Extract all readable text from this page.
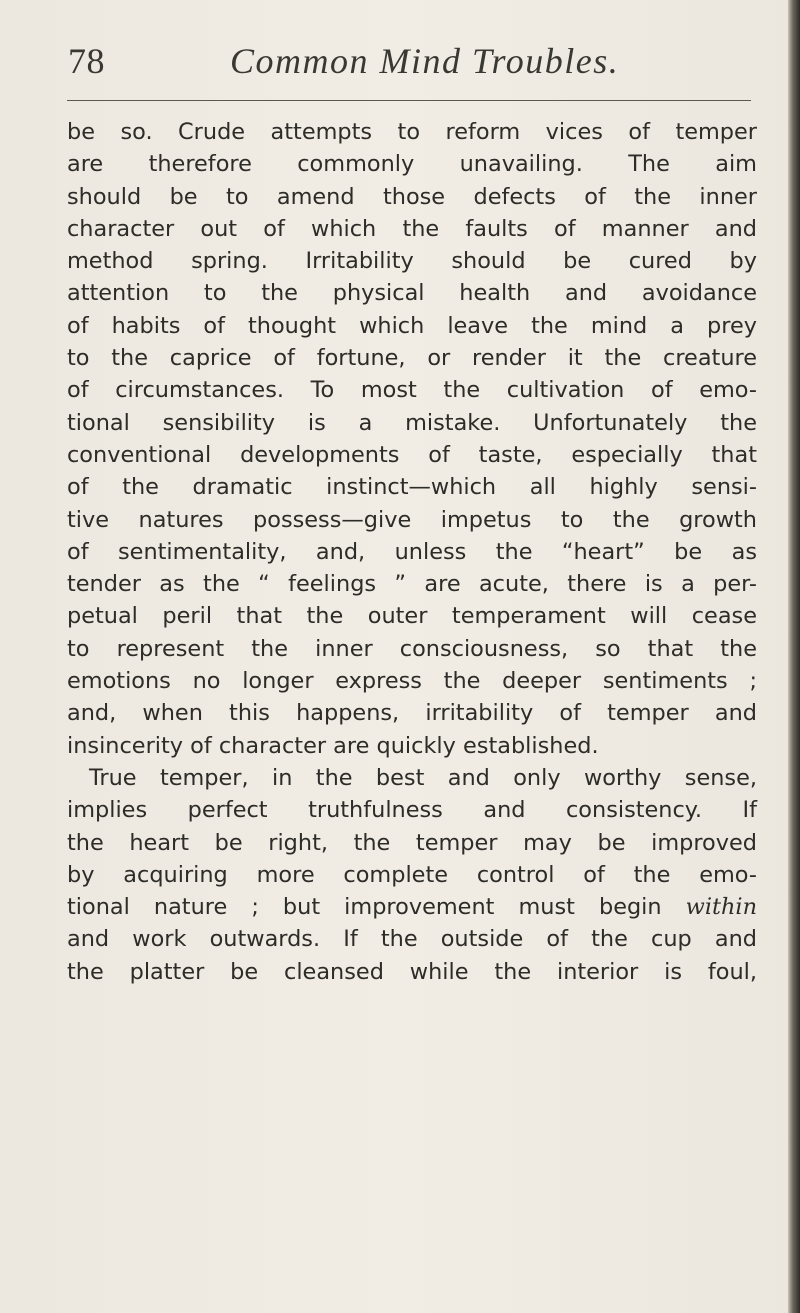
78	Common Mind Troubles.
be so. Crude attempts to reform vices of temper
are therefore commonly unavailing. The aim
should be to amend those defects of the inner
character out of which the faults of manner and
method spring. Irritability should be cured by
attention to the physical health and avoidance
of habits of thought which leave the mind a prey
to the caprice of fortune, or render it the creature
of circumstances. To most the cultivation of emo-
tional sensibility is a mistake. Unfortunately the
conventional developments of taste, especially that
of the dramatic instinct—which all highly sensi-
tive natures possess—give impetus to the growth
of sentimentality, and, unless the “heart” be as
tender as the “ feelings ” are acute, there is a per-
petual peril that the outer temperament will cease
to represent the inner consciousness, so that the
emotions no longer express the deeper sentiments ;
and, when this happens, irritability of temper and
insincerity of character are quickly established.
True temper, in the best and only worthy sense,
implies perfect truthfulness and consistency. If
the heart be right, the temper may be improved
by acquiring more complete control of the emo-
tional nature ; but improvement must begin within
and work outwards. If the outside of the cup and
the platter be cleansed while the interior is foul,
